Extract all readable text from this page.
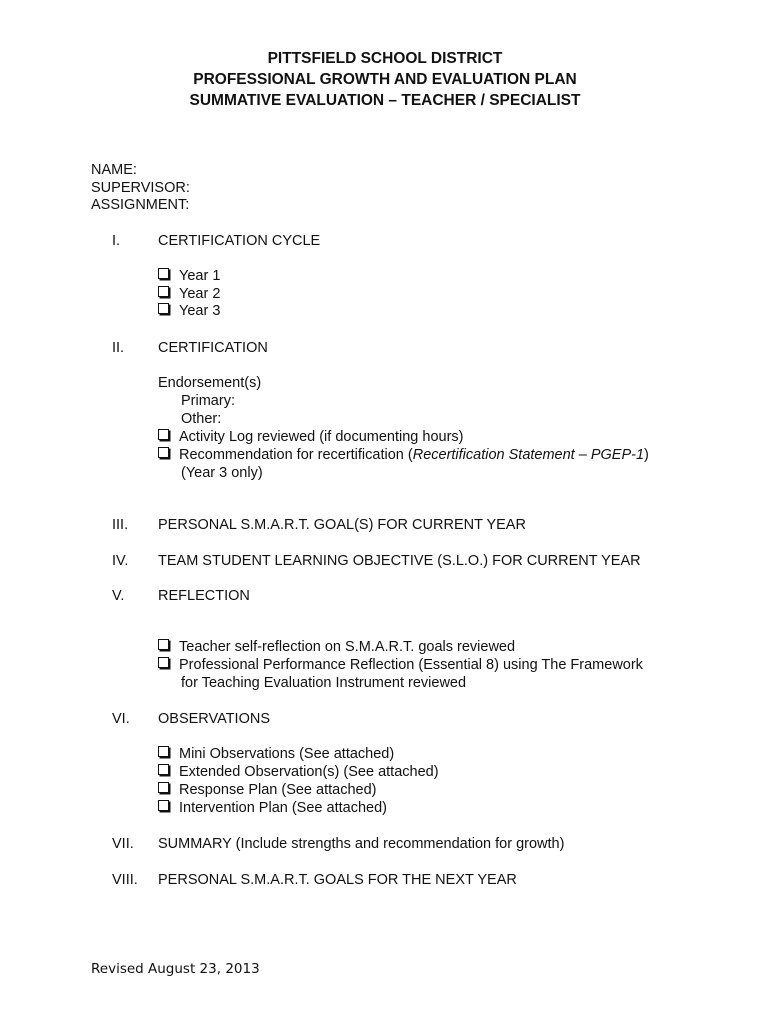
PITTSFIELD SCHOOL DISTRICT
PROFESSIONAL GROWTH AND EVALUATION PLAN
SUMMATIVE EVALUATION – TEACHER / SPECIALIST
NAME:
SUPERVISOR:
ASSIGNMENT:
I.	CERTIFICATION CYCLE
Year 1
Year 2
Year 3
II. CERTIFICATION
Endorsement(s)
Primary:
Other:
Activity Log reviewed (if documenting hours)
Recommendation for recertification (Recertification Statement – PGEP-1)
(Year 3 only)
III. PERSONAL S.M.A.R.T. GOAL(S) FOR CURRENT YEAR
IV. TEAM STUDENT LEARNING OBJECTIVE (S.L.O.) FOR CURRENT YEAR
V. REFLECTION
Teacher self-reflection on S.M.A.R.T. goals reviewed
Professional Performance Reflection (Essential 8) using The Framework
for Teaching Evaluation Instrument reviewed
VI. OBSERVATIONS
Mini Observations (See attached)
Extended Observation(s) (See attached)
Response Plan (See attached)
Intervention Plan (See attached)
VII. SUMMARY (Include strengths and recommendation for growth)
VIII. PERSONAL S.M.A.R.T. GOALS FOR THE NEXT YEAR
Revised August 23, 2013
